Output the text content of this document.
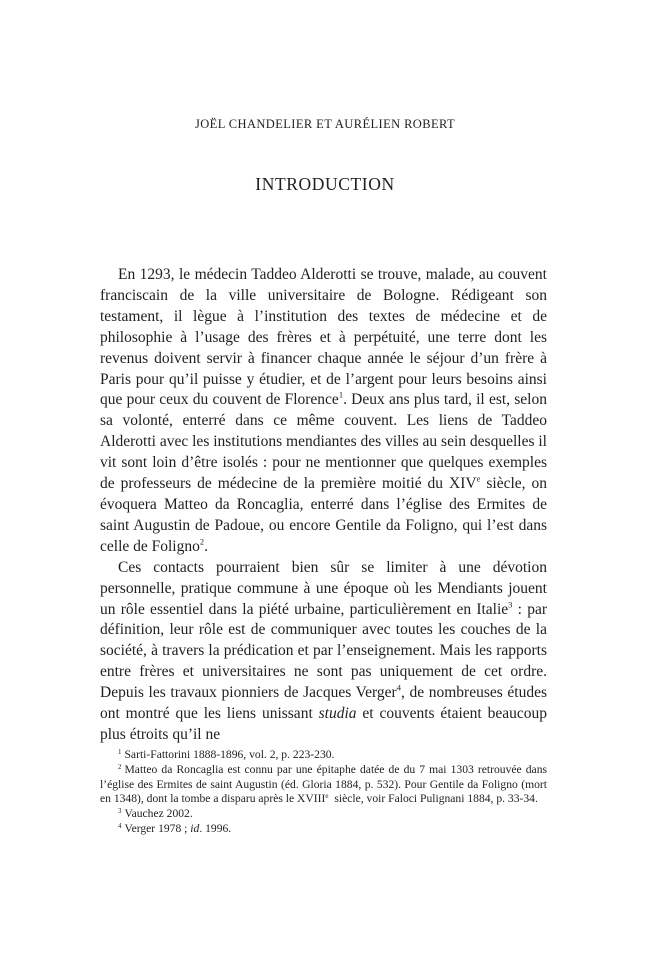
JOËL CHANDELIER ET AURÉLIEN ROBERT
INTRODUCTION

En 1293, le médecin Taddeo Alderotti se trouve, malade, au couvent franciscain de la ville universitaire de Bologne. Rédigeant son testament, il lègue à l’institution des textes de médecine et de philosophie à l’usage des frères et à perpétuité, une terre dont les revenus doivent servir à financer chaque année le séjour d’un frère à Paris pour qu’il puisse y étudier, et de l’argent pour leurs besoins ainsi que pour ceux du couvent de Florence$^1$. Deux ans plus tard, il est, selon sa volonté, enterré dans ce même couvent. Les liens de Taddeo Alderotti avec les institutions mendiantes des villes au sein desquelles il vit sont loin d’être isolés : pour ne mentionner que quelques exemples de professeurs de médecine de la première moitié du XIVe siècle, on évoquera Matteo da Roncaglia, enterré dans l’église des Ermites de saint Augustin de Padoue, ou encore Gentile da Foligno, qui l’est dans celle de Foligno$^2$.

Ces contacts pourraient bien sûr se limiter à une dévotion personnelle, pratique commune à une époque où les Mendiants jouent un rôle essentiel dans la piété urbaine, particulièrement en Italie$^3$ : par définition, leur rôle est de communiquer avec toutes les couches de la société, à travers la prédication et par l’enseignement. Mais les rapports entre frères et universitaires ne sont pas uniquement de cet ordre. Depuis les travaux pionniers de Jacques Verger$^4$, de nombreuses études ont montré que les liens unissant studia et couvents étaient beaucoup plus étroits qu’il ne

$^1$ Sarti-Fattorini 1888-1896, vol. 2, p. 223-230.

$^2$ Matteo da Roncaglia est connu par une épitaphe datée de du 7 mai 1303 retrouvée dans l’église des Ermites de saint Augustin (éd. Gloria 1884, p. 532). Pour Gentile da Foligno (mort en 1348), dont la tombe a disparu après le XVIIIe siècle, voir Faloci Pulignani 1884, p. 33-34.

$^3$ Vauchez 2002.

$^4$ Verger 1978 ; id. 1996.
